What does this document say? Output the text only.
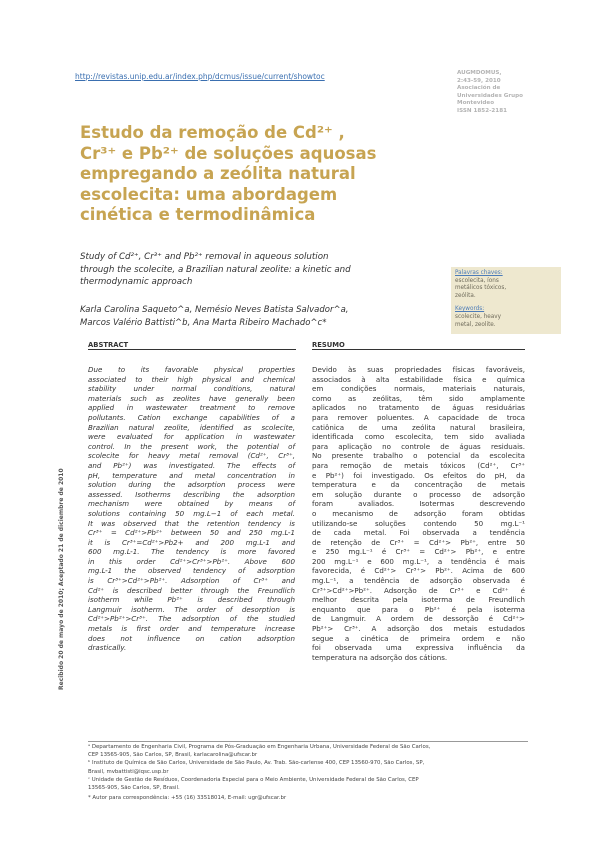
http://revistas.unip.edu.ar/index.php/dcmus/issue/current/showtoc	AUGMDOMUS,
2:43-59, 2010
Asociación de
Universidades Grupo
Montevideo
ISSN 1852-2181
Estudo da remoção de Cd²⁺ ,
Cr³⁺ e Pb²⁺ de soluções aquosas
empregando a zeólita natural
escolecita: uma abordagem
cinética e termodinâmica
Study of Cd²⁺, Cr³⁺ and Pb²⁺ removal in aqueous solution
through the scolecite, a Brazilian natural zeolite: a kinetic and
thermodynamic approach
Karla Carolina Saqueto^a, Nemésio Neves Batista Salvador^a,
Marcos Valério Battisti^b, Ana Marta Ribeiro Machado^c*
Palavras chaves:
escolecita, íons
metálicos tóxicos,
zeólita.
Keywords:
scolecite, heavy
metal, zeolite.
Recibido 20 de mayo de 2010; Aceptado 21 de diciembre de 2010
ABSTRACT	RESUMO
Due to its favorable physical properties
associated to their high physical and chemical
stability under normal conditions, natural
materials such as zeolites have generally been
applied in wastewater treatment to remove
pollutants. Cation exchange capabilities of a
Brazilian natural zeolite, identified as scolecite,
were evaluated for application in wastewater
control. In the present work, the potential of
scolecite for heavy metal removal (Cd²⁺, Cr³⁺,
and Pb²⁺) was investigated. The effects of
pH, temperature and metal concentration in
solution during the adsorption process were
assessed. Isotherms describing the adsorption
mechanism were obtained by means of
solutions containing 50 mg.L−1 of each metal.
It was observed that the retention tendency is
Cr³⁺ = Cd²⁺>Pb²⁺ between 50 and 250 mg.L-1
it is Cr³⁺=Cd²⁺>Pb2+ and 200 mg.L-1 and
600 mg.L-1. The tendency is more favored
in this order Cd²⁺>Cr³⁺>Pb²⁺. Above 600
mg.L-1 the observed tendency of adsorption
is Cr³⁺>Cd²⁺>Pb²⁺. Adsorption of Cr³⁺ and
Cd²⁺ is described better through the Freundlich
isotherm while Pb²⁺ is described through
Langmuir isotherm. The order of desorption is
Cd²⁺>Pb²⁺>Cr³⁺. The adsorption of the studied
metals is first order and temperature increase
does not influence on cation adsorption
drastically.
Devido às suas propriedades físicas favoráveis,
associados à alta estabilidade física e química
em condições normais, materiais naturais,
como as zeólitas, têm sido amplamente
aplicados no tratamento de águas residuárias
para remover poluentes. A capacidade de troca
catiônica de uma zeólita natural brasileira,
identificada como escolecita, tem sido avaliada
para aplicação no controle de águas residuais.
No presente trabalho o potencial da escolecita
para remoção de metais tóxicos (Cd²⁺, Cr³⁺
e Pb²⁺) foi investigado. Os efeitos do pH, da
temperatura e da concentração de metais
em solução durante o processo de adsorção
foram avaliados. Isotermas descrevendo
o mecanismo de adsorção foram obtidas
utilizando-se soluções contendo 50 mg.L⁻¹
de cada metal. Foi observada a tendência
de retenção de Cr³⁺ = Cd²⁺> Pb²⁺, entre 50
e 250 mg.L⁻¹ é Cr³⁺ = Cd²⁺> Pb²⁺, e entre
200 mg.L⁻¹ e 600 mg.L⁻¹, a tendência é mais
favorecida, é Cd²⁺> Cr³⁺> Pb²⁺. Acima de 600
mg.L⁻¹, a tendência de adsorção observada é
Cr³⁺>Cd²⁺>Pb²⁺. Adsorção de Cr³⁺ e Cd²⁺ é
melhor descrita pela isoterma de Freundlich
enquanto que para o Pb²⁺ é pela isoterma
de Langmuir. A ordem de dessorção é Cd²⁺>
Pb²⁺> Cr³⁺. A adsorção dos metais estudados
segue a cinética de primeira ordem e não
foi observada uma expressiva influência da
temperatura na adsorção dos cátions.

ᵃ Departamento de Engenharia Civil, Programa de Pós-Graduação em Engenharia Urbana, Universidade Federal de São Carlos,

CEP 13565-905, São Carlos, SP, Brasil, karlacarolina@ufscar.br

ᵇ Instituto de Química de São Carlos, Universidade de São Paulo, Av. Trab. São-carlense 400, CEP 13560-970, São Carlos, SP,

Brasil, mvbattisti@iqsc.usp.br

ᶜ Unidade de Gestão de Resíduos, Coordenadoria Especial para o Meio Ambiente, Universidade Federal de São Carlos, CEP

13565-905, São Carlos, SP, Brasil.

* Autor para correspondência: +55 (16) 33518014, E-mail: ugr@ufscar.br
